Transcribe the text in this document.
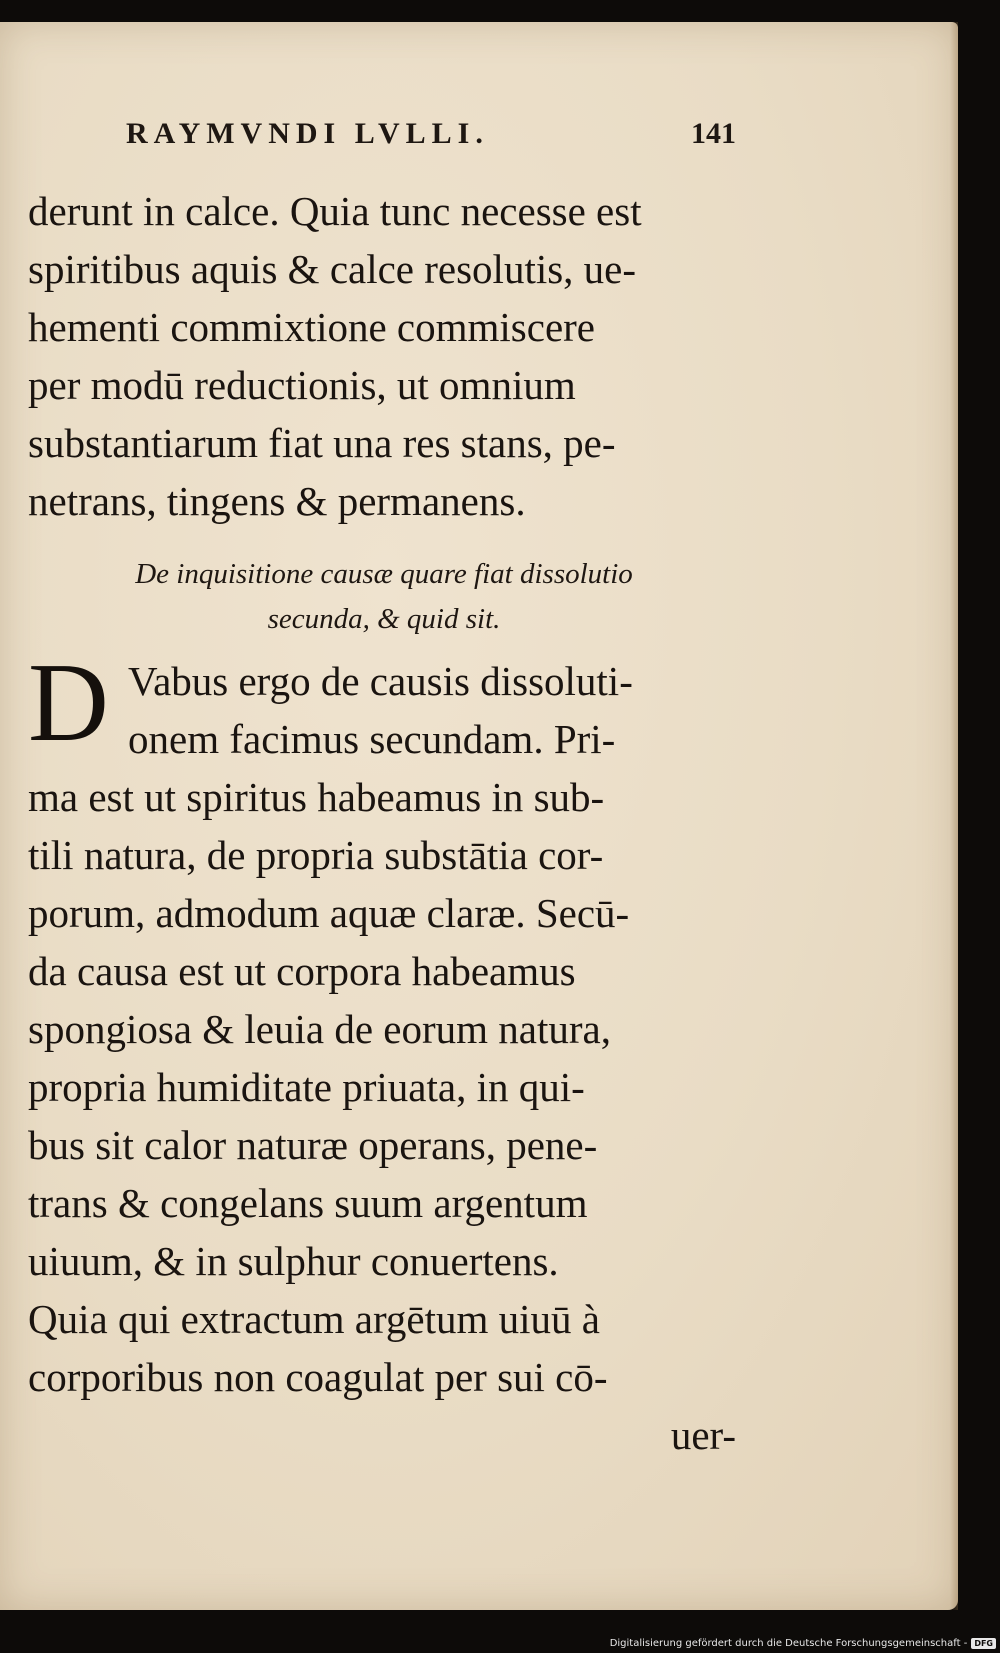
RAYMVNDI LVLLI.	141
derunt in calce. Quia tunc necesse est
spiritibus aquis & calce resolutis, ue-
hementi commixtione commiscere
per modū reductionis, ut omnium
substantiarum fiat una res stans, pe-
netrans, tingens & permanens.
De inquisitione causæ quare fiat dissolutio
secunda, & quid sit.
D Vabus ergo de causis dissoluti-
onem facimus secundam. Pri-
ma est ut spiritus habeamus in sub-
tili natura, de propria substātia cor-
porum, admodum aquæ claræ. Secū-
da causa est ut corpora habeamus
spongiosa & leuia de eorum natura,
propria humiditate priuata, in qui-
bus sit calor naturæ operans, pene-
trans & congelans suum argentum
uiuum, & in sulphur conuertens.
Quia qui extractum argētum uiuū à
corporibus non coagulat per sui cō-
uer-
Digitalisierung gefördert durch die Deutsche Forschungsgemeinschaft - DFG
